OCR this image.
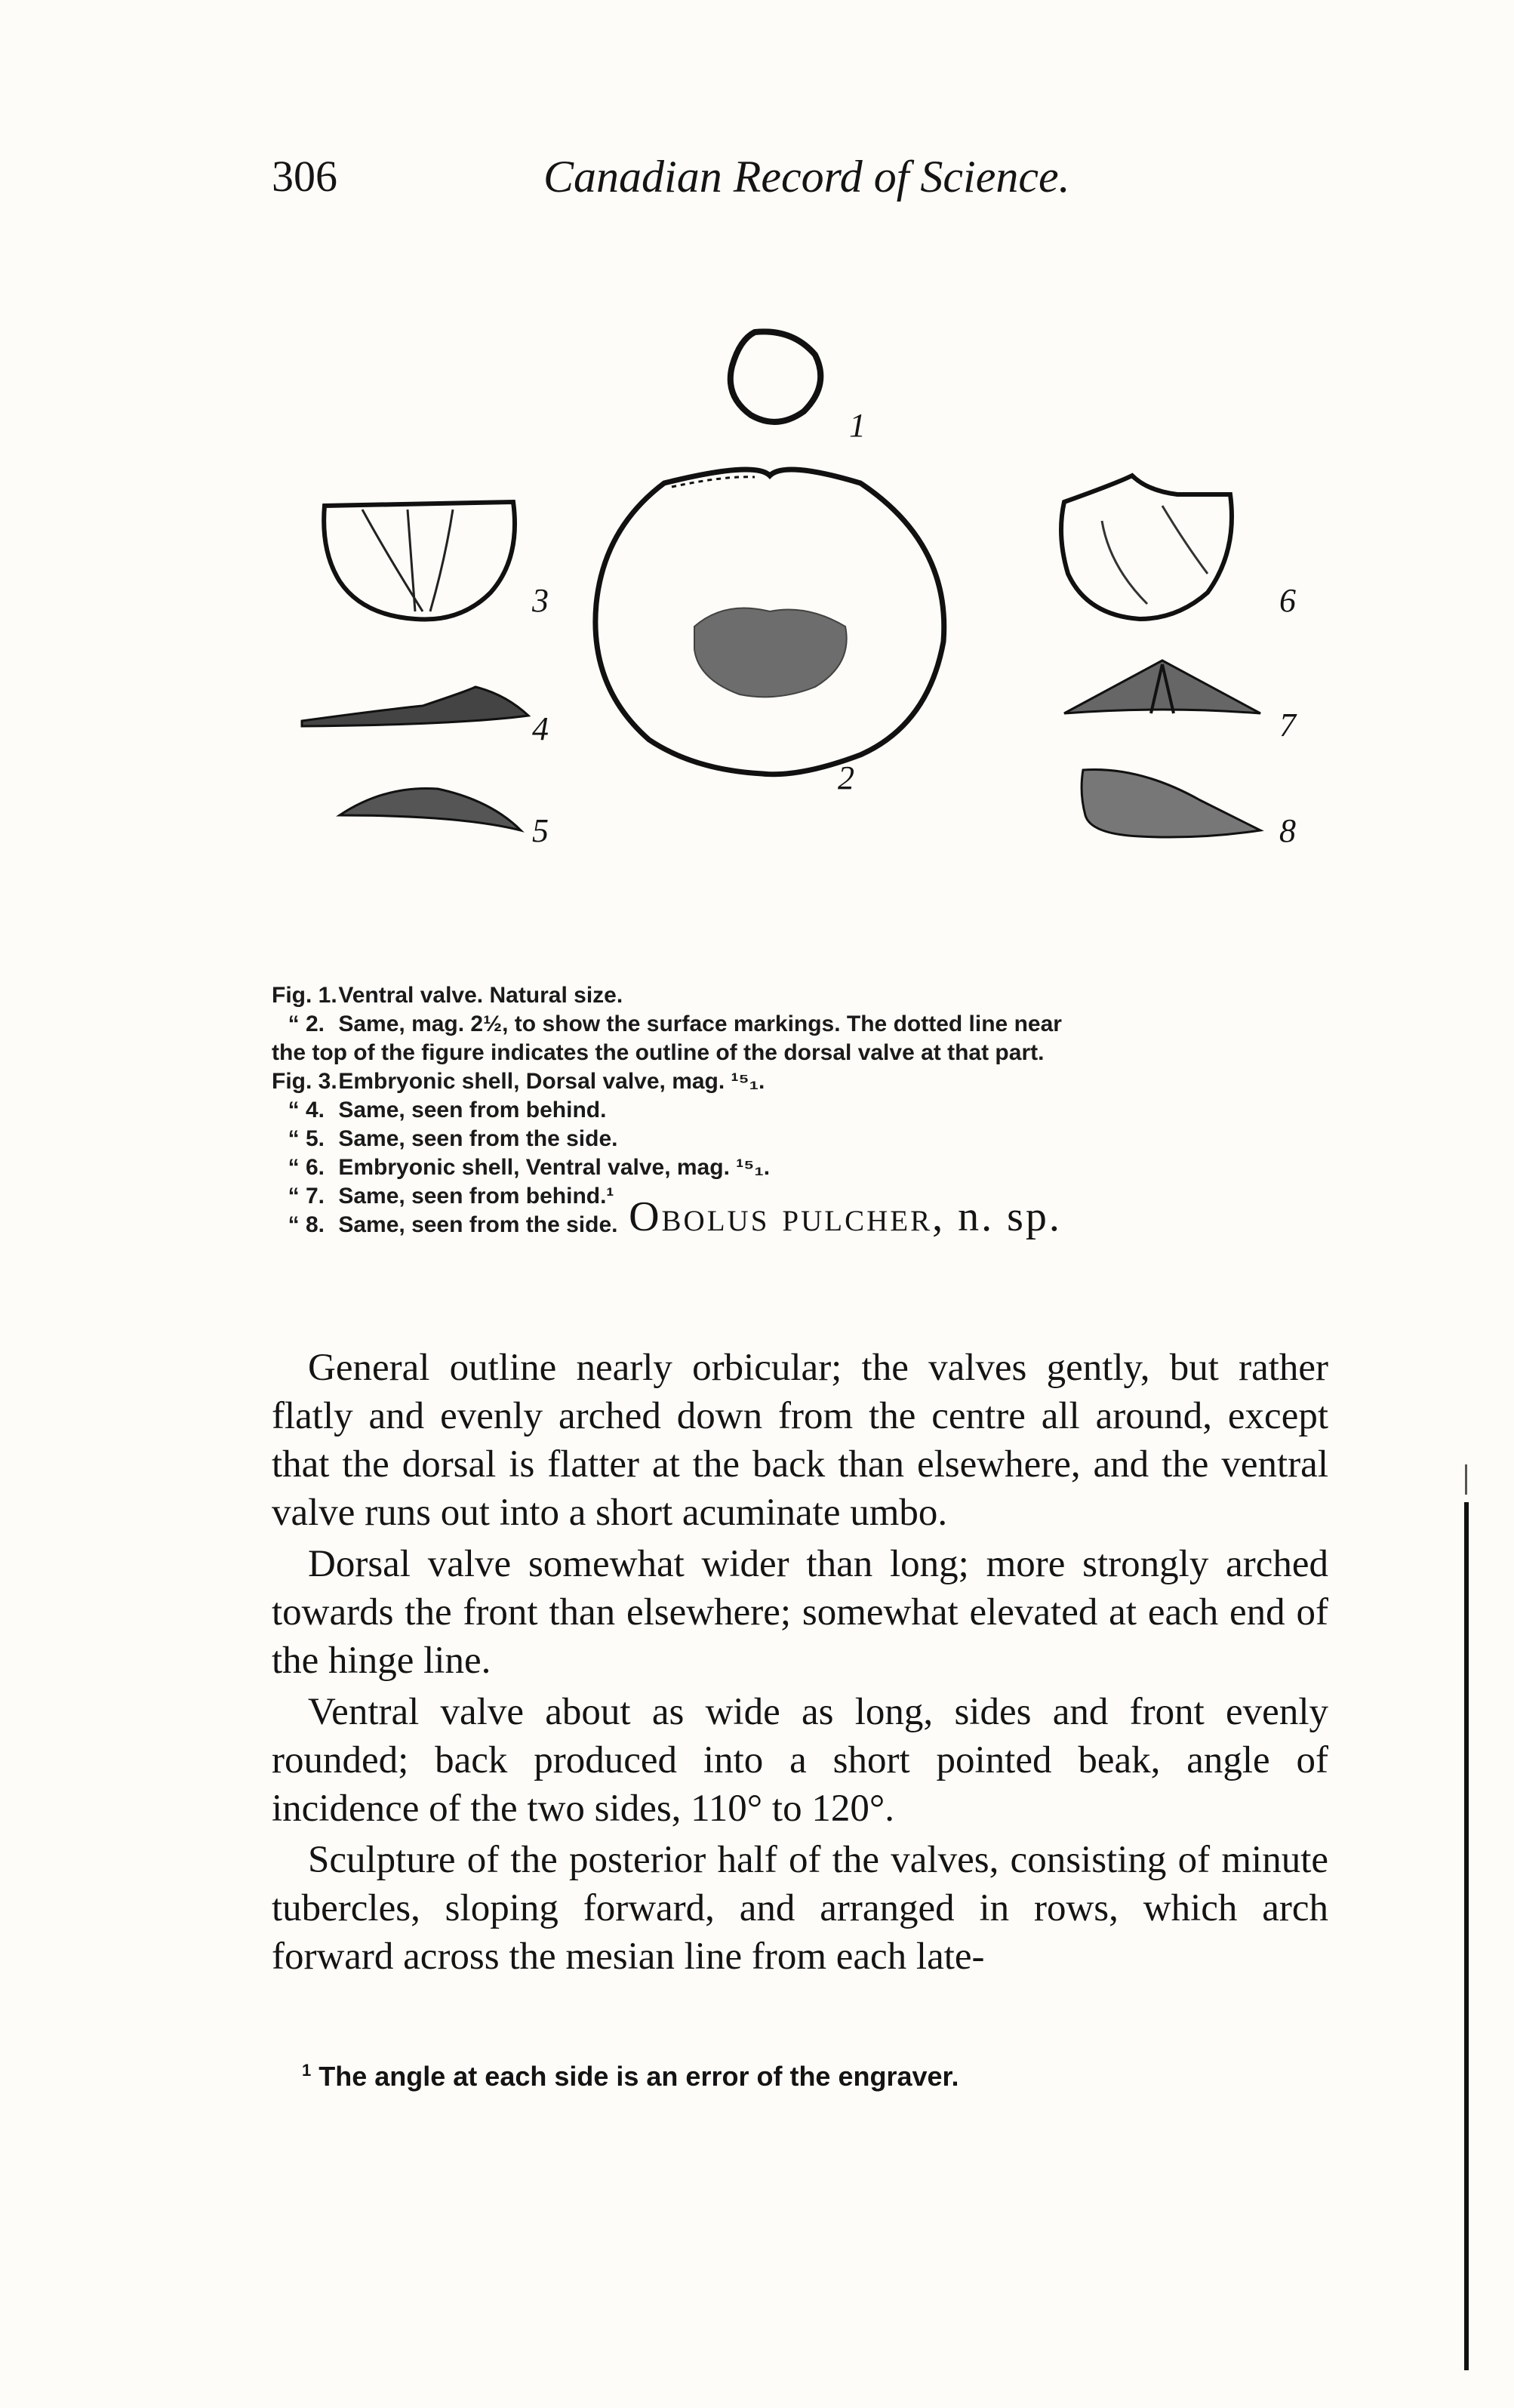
306	Canadian Record of Science.
1
2
3
4
5
6
7
8
Obolus pulcher, n. sp.
Fig. 1. Ventral valve. Natural size.
“ 2. Same, mag. 2½, to show the surface markings. The dotted line near
the top of the figure indicates the outline of the dorsal valve at that part.
Fig. 3. Embryonic shell, Dorsal valve, mag. ¹⁵₁.
“ 4. Same, seen from behind.
“ 5. Same, seen from the side.
“ 6. Embryonic shell, Ventral valve, mag. ¹⁵₁.
“ 7. Same, seen from behind.¹
“ 8. Same, seen from the side.

General outline nearly orbicular; the valves gently, but rather flatly and evenly arched down from the centre all around, except that the dorsal is flatter at the back than elsewhere, and the ventral valve runs out into a short acuminate umbo.

Dorsal valve somewhat wider than long; more strongly arched towards the front than elsewhere; somewhat elevated at each end of the hinge line.

Ventral valve about as wide as long, sides and front evenly rounded; back produced into a short pointed beak, angle of incidence of the two sides, 110° to 120°.

Sculpture of the posterior half of the valves, consisting of minute tubercles, sloping forward, and arranged in rows, which arch forward across the mesian line from each late-

$^1$ The angle at each side is an error of the engraver.
